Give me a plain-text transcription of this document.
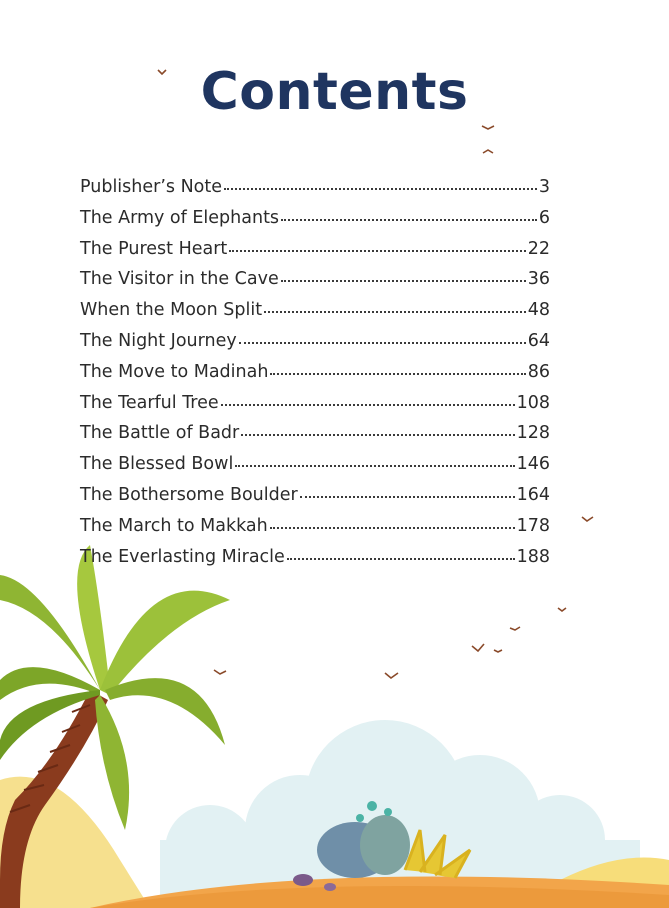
Contents
Publisher’s Note	3
The Army of Elephants	6
The Purest Heart	22
The Visitor in the Cave	36
When the Moon Split	48
The Night Journey	64
The Move to Madinah	86
The Tearful Tree	108
The Battle of Badr	128
The Blessed Bowl	146
The Bothersome Boulder	164
The March to Makkah	178
The Everlasting Miracle	188
